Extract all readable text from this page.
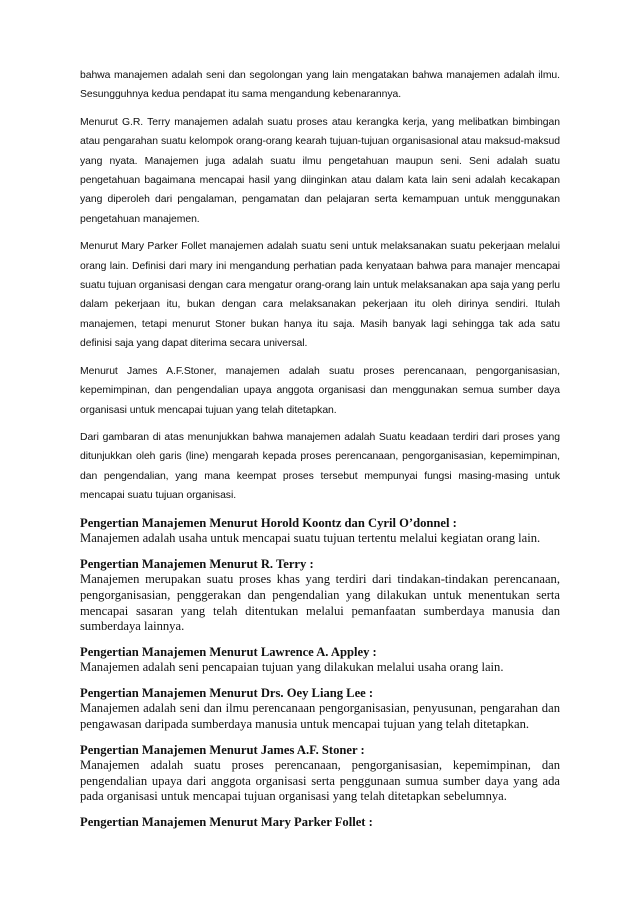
bahwa manajemen adalah seni dan segolongan yang lain mengatakan bahwa manajemen adalah ilmu. Sesungguhnya kedua pendapat itu sama mengandung kebenarannya.

Menurut G.R. Terry manajemen adalah suatu proses atau kerangka kerja, yang melibatkan bimbingan atau pengarahan suatu kelompok orang-orang kearah tujuan-tujuan organisasional atau maksud-maksud yang nyata. Manajemen juga adalah suatu ilmu pengetahuan maupun seni. Seni adalah suatu pengetahuan bagaimana mencapai hasil yang diinginkan atau dalam kata lain seni adalah kecakapan yang diperoleh dari pengalaman, pengamatan dan pelajaran serta kemampuan untuk menggunakan pengetahuan manajemen.

Menurut Mary Parker Follet manajemen adalah suatu seni untuk melaksanakan suatu pekerjaan melalui orang lain. Definisi dari mary ini mengandung perhatian pada kenyataan bahwa para manajer mencapai suatu tujuan organisasi dengan cara mengatur orang-orang lain untuk melaksanakan apa saja yang perlu dalam pekerjaan itu, bukan dengan cara melaksanakan pekerjaan itu oleh dirinya sendiri. Itulah manajemen, tetapi menurut Stoner bukan hanya itu saja. Masih banyak lagi sehingga tak ada satu definisi saja yang dapat diterima secara universal.

Menurut James A.F.Stoner, manajemen adalah suatu proses perencanaan, pengorganisasian, kepemimpinan, dan pengendalian upaya anggota organisasi dan menggunakan semua sumber daya organisasi untuk mencapai tujuan yang telah ditetapkan.

Dari gambaran di atas menunjukkan bahwa manajemen adalah Suatu keadaan terdiri dari proses yang ditunjukkan oleh garis (line) mengarah kepada proses perencanaan, pengorganisasian, kepemimpinan, dan pengendalian, yang mana keempat proses tersebut mempunyai fungsi masing-masing untuk mencapai suatu tujuan organisasi.

Pengertian Manajemen Menurut Horold Koontz dan Cyril O’donnel :

Manajemen adalah usaha untuk mencapai suatu tujuan tertentu melalui kegiatan orang lain.

Pengertian Manajemen Menurut R. Terry :

Manajemen merupakan suatu proses khas yang terdiri dari tindakan-tindakan perencanaan, pengorganisasian, penggerakan dan pengendalian yang dilakukan untuk menentukan serta mencapai sasaran yang telah ditentukan melalui pemanfaatan sumberdaya manusia dan sumberdaya lainnya.

Pengertian Manajemen Menurut Lawrence A. Appley :

Manajemen adalah seni pencapaian tujuan yang dilakukan melalui usaha orang lain.

Pengertian Manajemen Menurut Drs. Oey Liang Lee :

Manajemen adalah seni dan ilmu perencanaan pengorganisasian, penyusunan, pengarahan dan pengawasan daripada sumberdaya manusia untuk mencapai tujuan yang telah ditetapkan.

Pengertian Manajemen Menurut James A.F. Stoner :

Manajemen adalah suatu proses perencanaan, pengorganisasian, kepemimpinan, dan pengendalian upaya dari anggota organisasi serta penggunaan sumua sumber daya yang ada pada organisasi untuk mencapai tujuan organisasi yang telah ditetapkan sebelumnya.

Pengertian Manajemen Menurut Mary Parker Follet :
